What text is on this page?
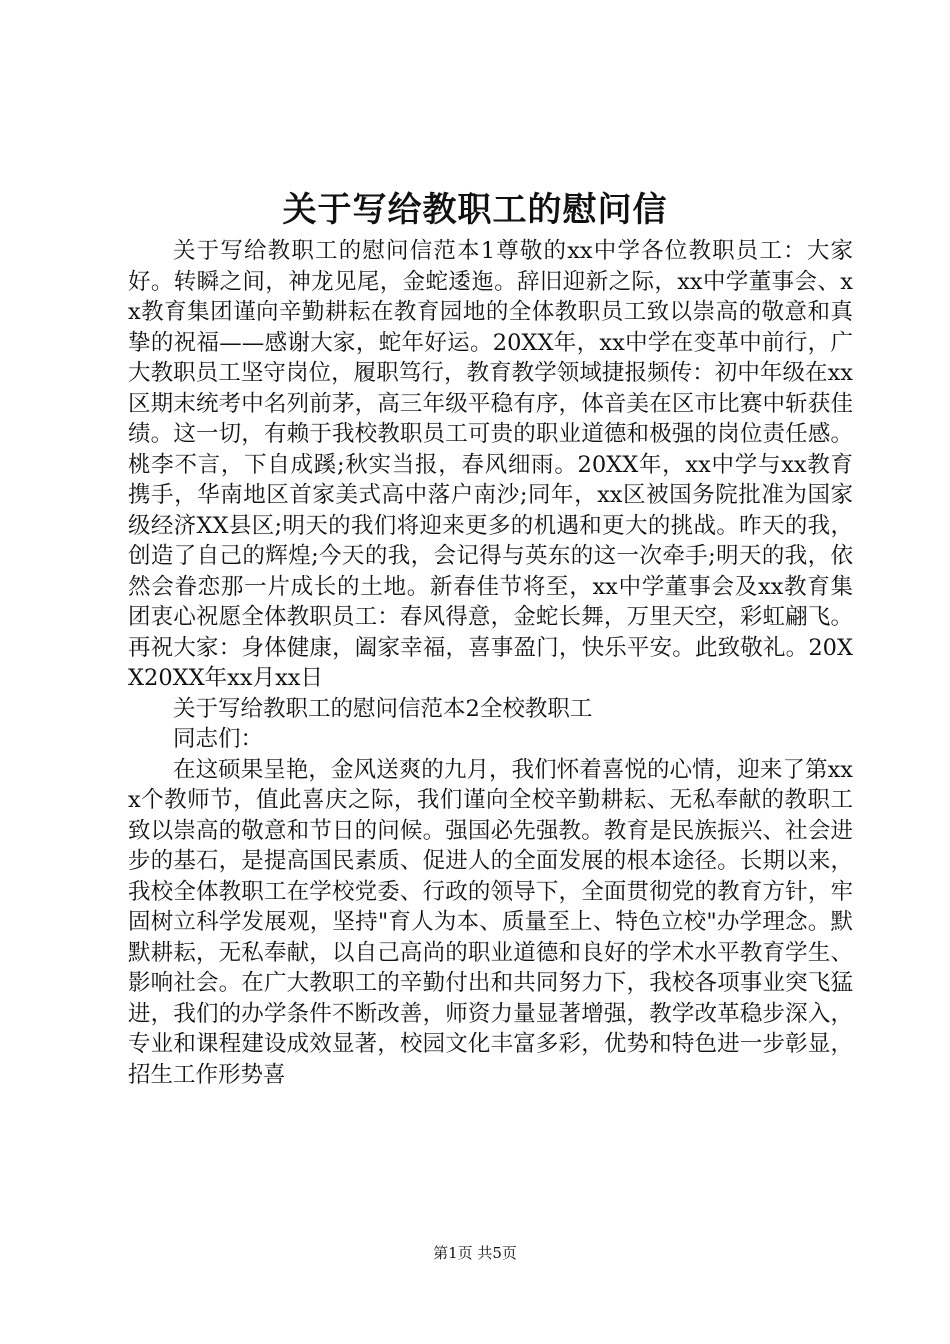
关于写给教职工的慰问信

关于写给教职工的慰问信范本1尊敬的xx中学各位教职员工：大家好。转瞬之间，神龙见尾，金蛇逶迤。辞旧迎新之际，xx中学董事会、xx教育集团谨向辛勤耕耘在教育园地的全体教职员工致以崇高的敬意和真挚的祝福——感谢大家，蛇年好运。20XX年，xx中学在变革中前行，广大教职员工坚守岗位，履职笃行，教育教学领域捷报频传：初中年级在xx区期末统考中名列前茅，高三年级平稳有序，体音美在区市比赛中斩获佳绩。这一切，有赖于我校教职员工可贵的职业道德和极强的岗位责任感。桃李不言，下自成蹊;秋实当报，春风细雨。20XX年，xx中学与xx教育携手，华南地区首家美式高中落户南沙;同年，xx区被国务院批准为国家级经济XX县区;明天的我们将迎来更多的机遇和更大的挑战。昨天的我，创造了自己的辉煌;今天的我，会记得与英东的这一次牵手;明天的我，依然会眷恋那一片成长的土地。新春佳节将至，xx中学董事会及xx教育集团衷心祝愿全体教职员工：春风得意，金蛇长舞，万里天空，彩虹翩飞。再祝大家：身体健康，阖家幸福，喜事盈门，快乐平安。此致敬礼。20XX20XX年xx月xx日

关于写给教职工的慰问信范本2全校教职工

同志们：

在这硕果呈艳，金风送爽的九月，我们怀着喜悦的心情，迎来了第xxx个教师节，值此喜庆之际，我们谨向全校辛勤耕耘、无私奉献的教职工致以崇高的敬意和节日的问候。强国必先强教。教育是民族振兴、社会进步的基石，是提高国民素质、促进人的全面发展的根本途径。长期以来，我校全体教职工在学校党委、行政的领导下，全面贯彻党的教育方针，牢固树立科学发展观，坚持"育人为本、质量至上、特色立校"办学理念。默默耕耘，无私奉献，以自己高尚的职业道德和良好的学术水平教育学生、影响社会。在广大教职工的辛勤付出和共同努力下，我校各项事业突飞猛进，我们的办学条件不断改善，师资力量显著增强，教学改革稳步深入，专业和课程建设成效显著，校园文化丰富多彩，优势和特色进一步彰显，招生工作形势喜

第1页 共5页
